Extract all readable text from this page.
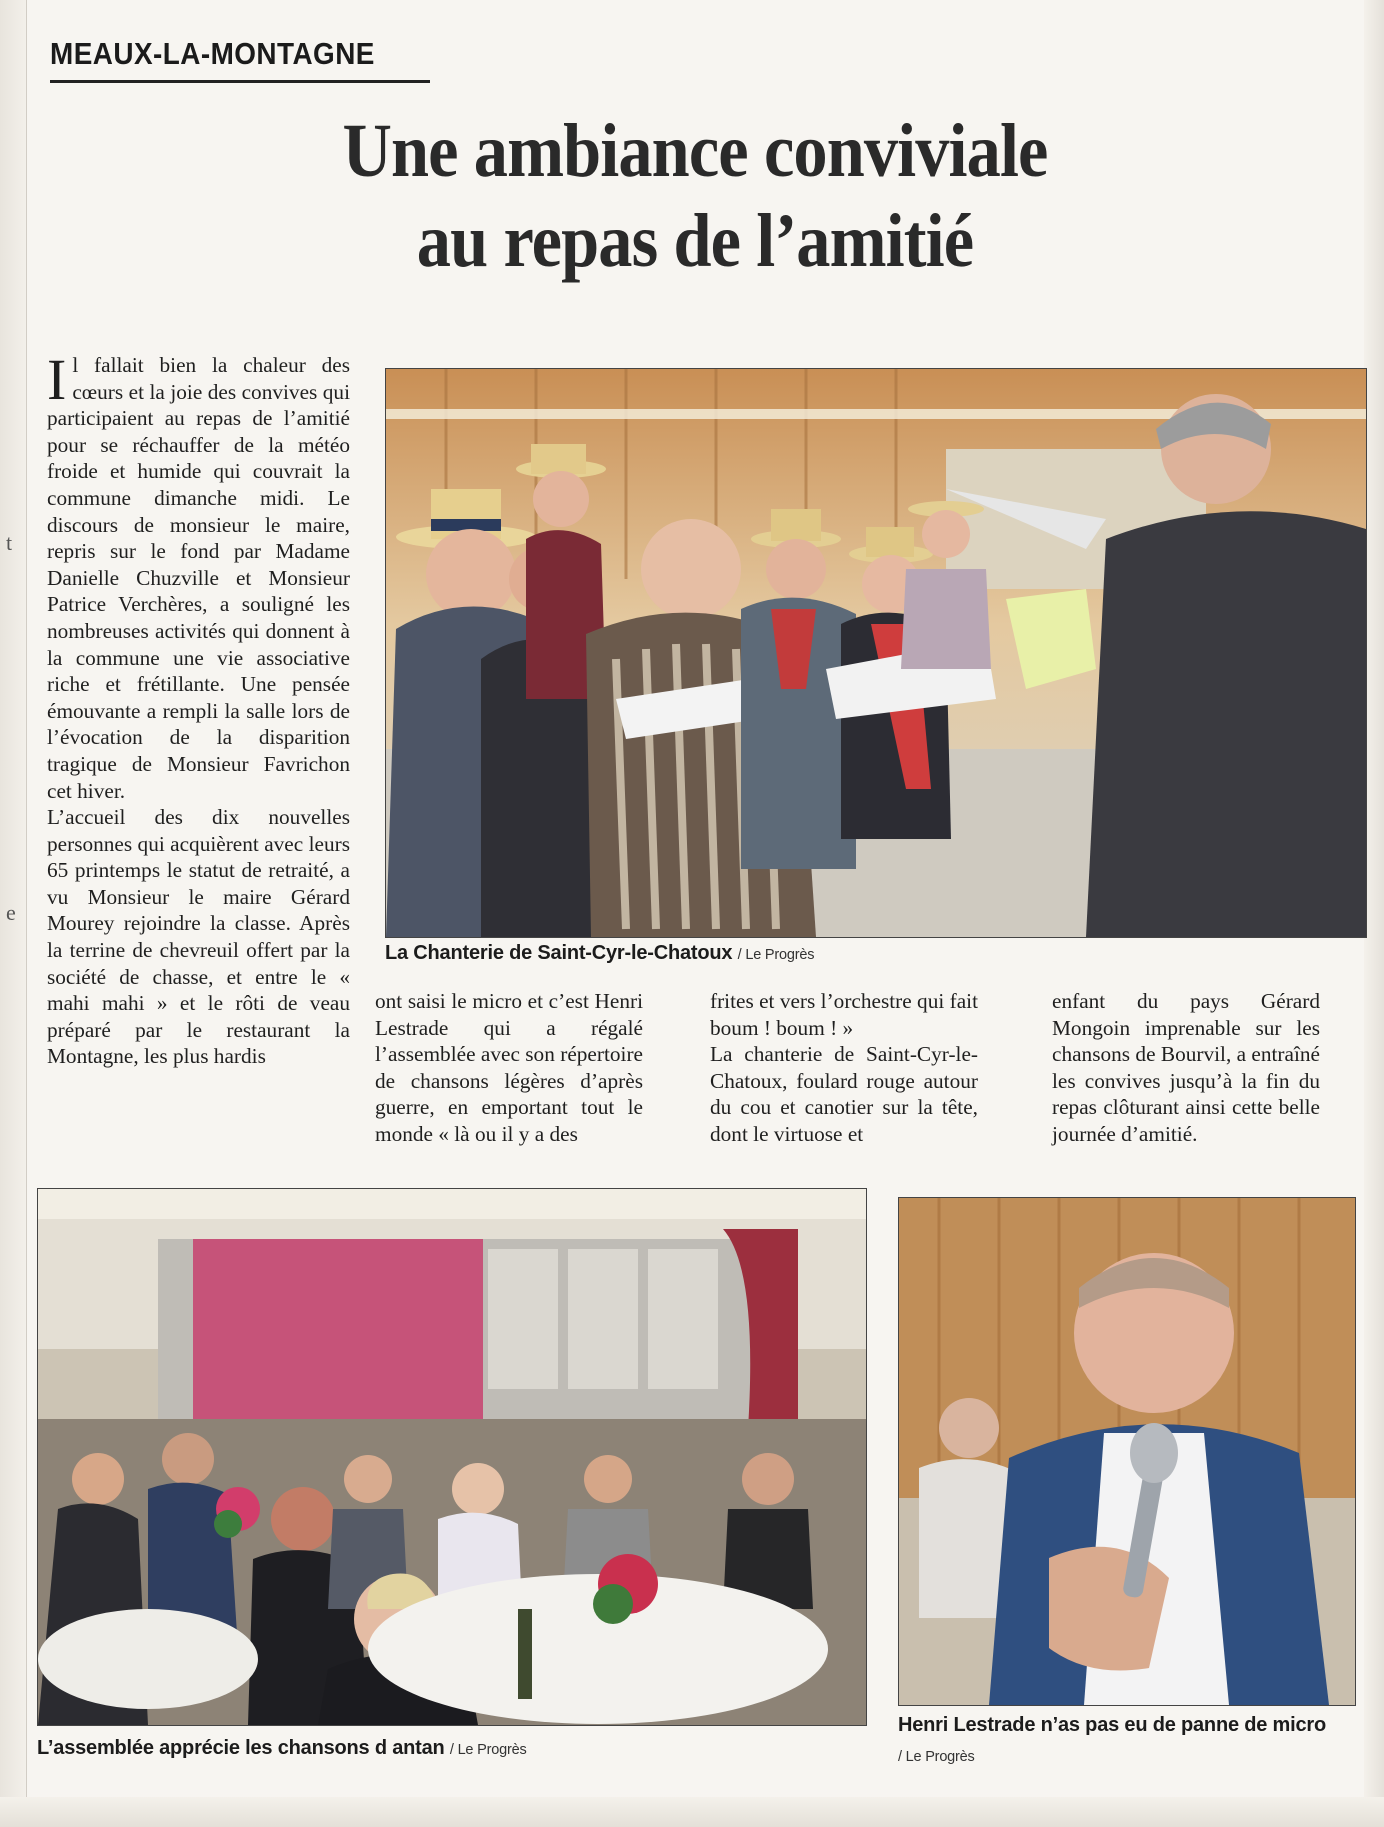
t
e
MEAUX-LA-MONTAGNE
Une ambiance conviviale
au repas de l’amitié

Il fallait bien la chaleur des cœurs et la joie des convives qui participaient au repas de l’amitié pour se réchauffer de la météo froide et humide qui couvrait la commune dimanche midi. Le discours de monsieur le maire, repris sur le fond par Madame Danielle Chuzville et Monsieur Patrice Verchères, a souligné les nombreuses activités qui donnent à la commune une vie associative riche et frétillante. Une pensée émouvante a rempli la salle lors de l’évocation de la disparition tragique de Monsieur Favrichon cet hiver.

L’accueil des dix nouvelles personnes qui acquièrent avec leurs 65 printemps le statut de retraité, a vu Monsieur le maire Gérard Mourey rejoindre la classe. Après la terrine de chevreuil offert par la société de chasse, et entre le « mahi mahi » et le rôti de veau préparé par le restaurant la Montagne, les plus hardis

La Chanterie de Saint-Cyr-le-Chatoux / Le Progrès

ont saisi le micro et c’est Henri Lestrade qui a régalé l’assemblée avec son répertoire de chansons légères d’après guerre, en emportant tout le monde « là ou il y a des

frites et vers l’orchestre qui fait boum ! boum ! »

La chanterie de Saint-Cyr-le-Chatoux, foulard rouge autour du cou et canotier sur la tête, dont le virtuose et

enfant du pays Gérard Mongoin imprenable sur les chansons de Bourvil, a entraîné les convives jusqu’à la fin du repas clôturant ainsi cette belle journée d’amitié.

L’assemblée apprécie les chansons d antan / Le Progrès
Henri Lestrade n’as pas eu de panne de micro
/ Le Progrès
